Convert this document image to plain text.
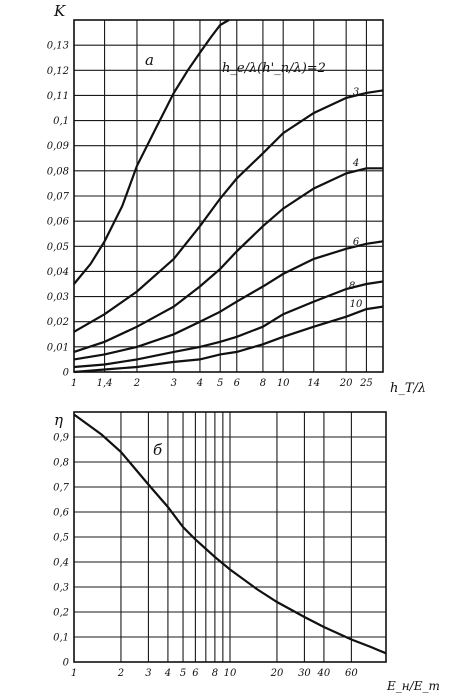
K
a	h_e/λ(h'_n/λ)=2
h_T/λ
0
0,01
0,02
0,03
0,04
0,05
0,06
0,07
0,08
0,09
0,1
0,11
0,12
0,13
1 1,4 2	3 4 5 6 8 10 14 20 25
3
4
6
8
10
η
б
E_н/E_т
0
0,1
0,2
0,3
0,4
0,5
0,6
0,7
0,8
0,9
1	2 3 4 5 6 8 10	20 30 40 60
